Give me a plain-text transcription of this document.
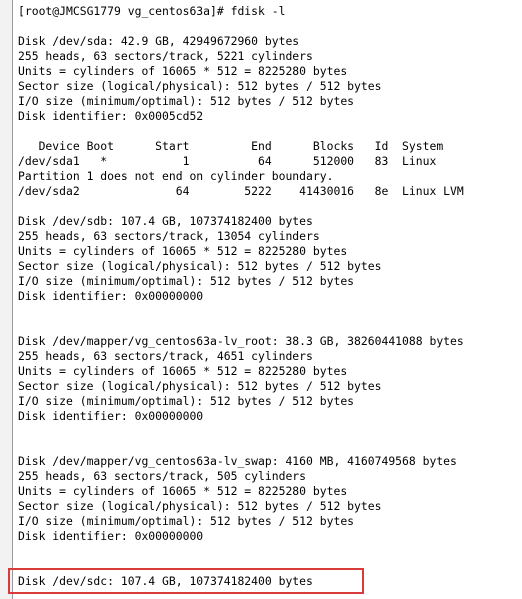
[root@JMCSG1779 vg_centos63a]# fdisk -l
Disk /dev/sda: 42.9 GB, 42949672960 bytes
255 heads, 63 sectors/track, 5221 cylinders
Units = cylinders of 16065 * 512 = 8225280 bytes
Sector size (logical/physical): 512 bytes / 512 bytes
I/O size (minimum/optimal): 512 bytes / 512 bytes
Disk identifier: 0x0005cd52
Device Boot      Start         End      Blocks   Id  System
/dev/sda1   *           1          64      512000   83  Linux
Partition 1 does not end on cylinder boundary.
/dev/sda2              64        5222    41430016   8e  Linux LVM
Disk /dev/sdb: 107.4 GB, 107374182400 bytes
255 heads, 63 sectors/track, 13054 cylinders
Units = cylinders of 16065 * 512 = 8225280 bytes
Sector size (logical/physical): 512 bytes / 512 bytes
I/O size (minimum/optimal): 512 bytes / 512 bytes
Disk identifier: 0x00000000
Disk /dev/mapper/vg_centos63a-lv_root: 38.3 GB, 38260441088 bytes
255 heads, 63 sectors/track, 4651 cylinders
Units = cylinders of 16065 * 512 = 8225280 bytes
Sector size (logical/physical): 512 bytes / 512 bytes
I/O size (minimum/optimal): 512 bytes / 512 bytes
Disk identifier: 0x00000000
Disk /dev/mapper/vg_centos63a-lv_swap: 4160 MB, 4160749568 bytes
255 heads, 63 sectors/track, 505 cylinders
Units = cylinders of 16065 * 512 = 8225280 bytes
Sector size (logical/physical): 512 bytes / 512 bytes
I/O size (minimum/optimal): 512 bytes / 512 bytes
Disk identifier: 0x00000000
Disk /dev/sdc: 107.4 GB, 107374182400 bytes
